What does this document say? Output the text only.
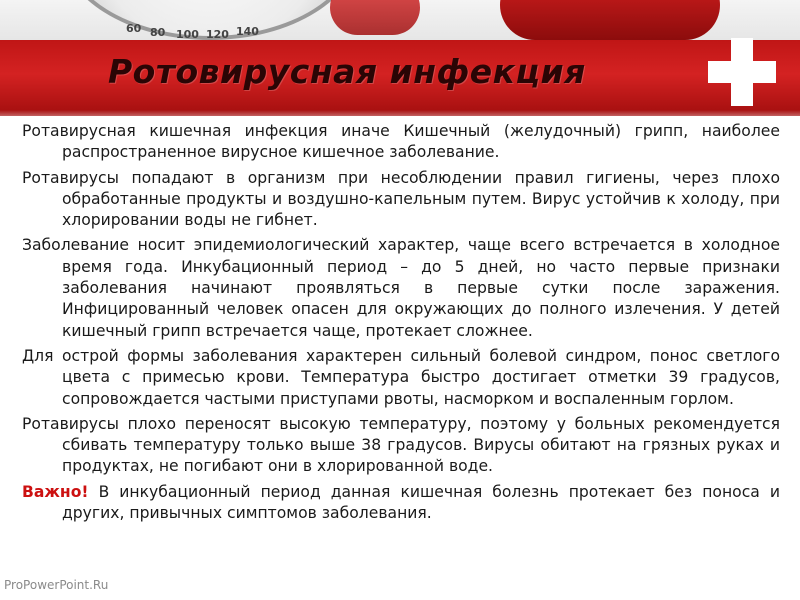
60 80 100 120 140
Ротовирусная инфекция

Ротавирусная кишечная инфекция иначе Кишечный (желудочный) грипп, наиболее распространенное вирусное кишечное заболевание.

Ротавирусы попадают в организм при несоблюдении правил гигиены, через плохо обработанные продукты и воздушно-капельным путем. Вирус устойчив к холоду, при хлорировании воды не гибнет.

Заболевание носит эпидемиологический характер, чаще всего встречается в холодное время года. Инкубационный период – до 5 дней, но часто первые признаки заболевания начинают проявляться в первые сутки после заражения. Инфицированный человек опасен для окружающих до полного излечения. У детей кишечный грипп встречается чаще, протекает сложнее.

Для острой формы заболевания характерен сильный болевой синдром, понос светлого цвета с примесью крови. Температура быстро достигает отметки 39 градусов, сопровождается частыми приступами рвоты, насморком и воспаленным горлом.

Ротавирусы плохо переносят высокую температуру, поэтому у больных рекомендуется сбивать температуру только выше 38 градусов. Вирусы обитают на грязных руках и продуктах, не погибают они в хлорированной воде.

Важно! В инкубационный период данная кишечная болезнь протекает без поноса и других, привычных симптомов заболевания.

ProPowerPoint.Ru
